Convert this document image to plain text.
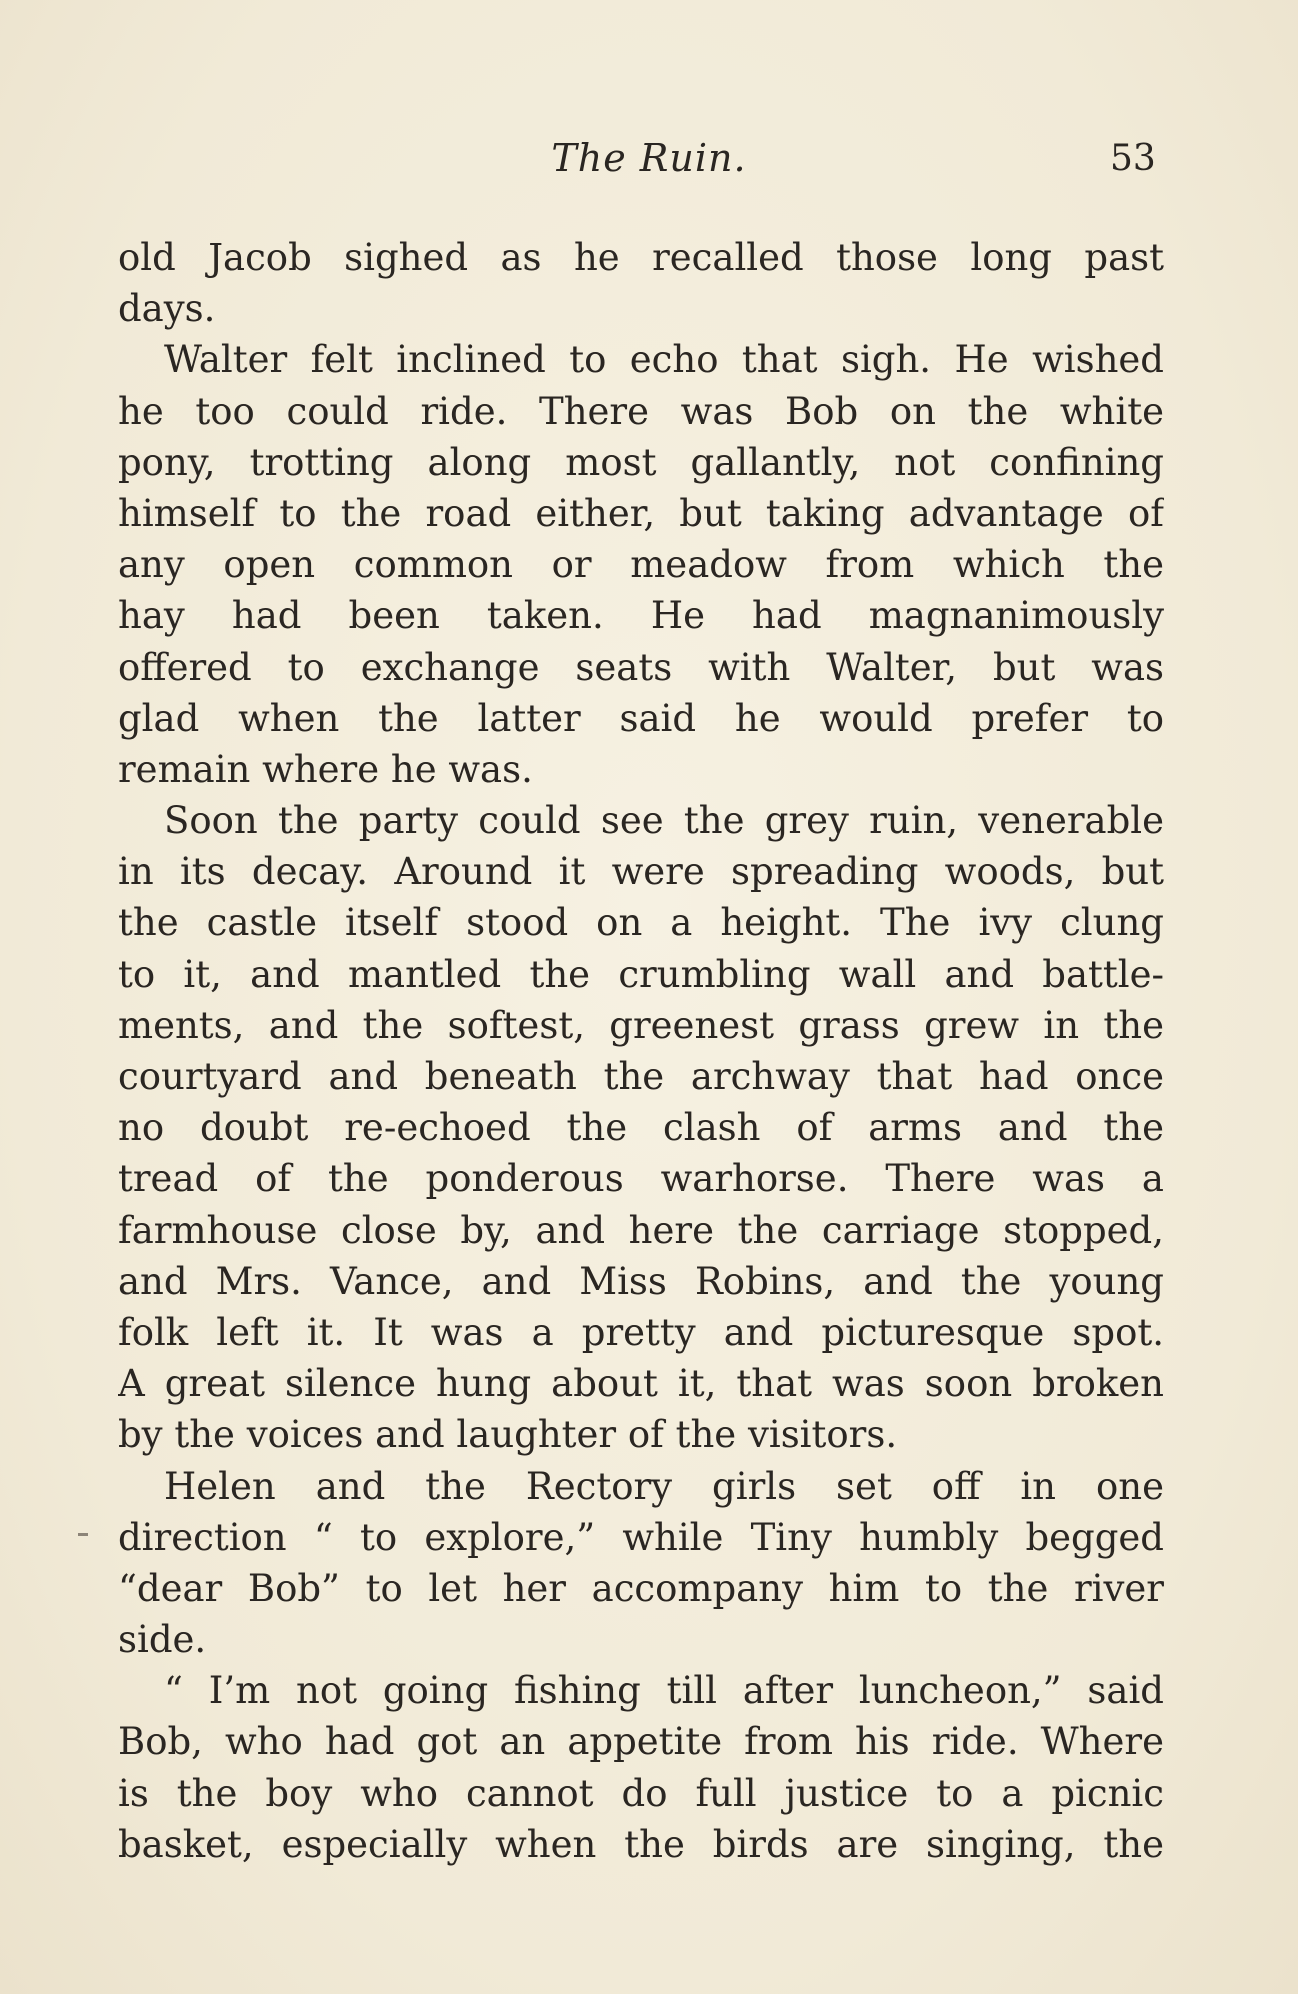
The Ruin.	53
old Jacob sighed as he recalled those long past
days.
Walter felt inclined to echo that sigh. He wished
he too could ride. There was Bob on the white
pony, trotting along most gallantly, not confining
himself to the road either, but taking advantage of
any open common or meadow from which the
hay had been taken. He had magnanimously
offered to exchange seats with Walter, but was
glad when the latter said he would prefer to
remain where he was.
Soon the party could see the grey ruin, venerable
in its decay. Around it were spreading woods, but
the castle itself stood on a height. The ivy clung
to it, and mantled the crumbling wall and battle-
ments, and the softest, greenest grass grew in the
courtyard and beneath the archway that had once
no doubt re-echoed the clash of arms and the
tread of the ponderous warhorse. There was a
farmhouse close by, and here the carriage stopped,
and Mrs. Vance, and Miss Robins, and the young
folk left it. It was a pretty and picturesque spot.
A great silence hung about it, that was soon broken
by the voices and laughter of the visitors.
Helen and the Rectory girls set off in one
direction “ to explore,” while Tiny humbly begged
“dear Bob” to let her accompany him to the river
side.
“ I’m not going fishing till after luncheon,” said
Bob, who had got an appetite from his ride. Where
is the boy who cannot do full justice to a picnic
basket, especially when the birds are singing, the
